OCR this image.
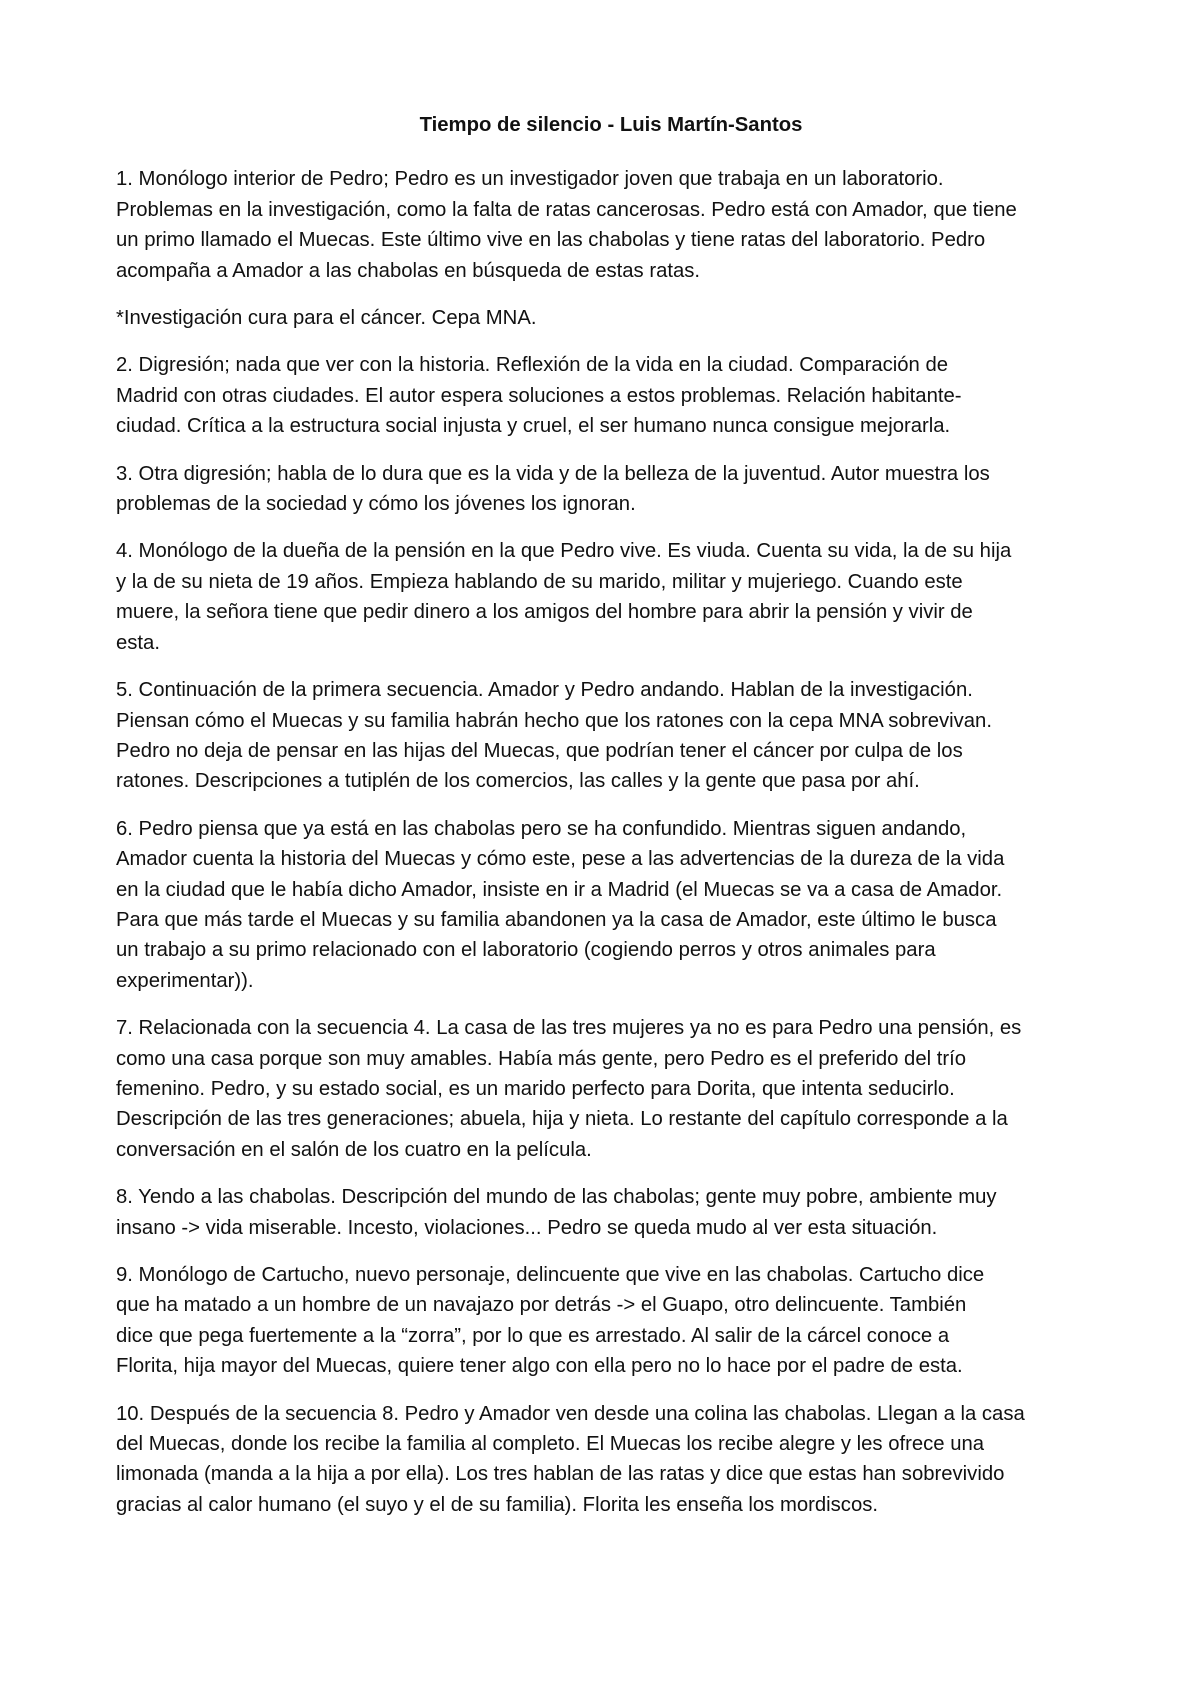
Tiempo de silencio - Luis Martín-Santos

1. Monólogo interior de Pedro; Pedro es un investigador joven que trabaja en un laboratorio.
Problemas en la investigación, como la falta de ratas cancerosas. Pedro está con Amador, que tiene
un primo llamado el Muecas. Este último vive en las chabolas y tiene ratas del laboratorio. Pedro
acompaña a Amador a las chabolas en búsqueda de estas ratas.

*Investigación cura para el cáncer. Cepa MNA.

2. Digresión; nada que ver con la historia. Reflexión de la vida en la ciudad. Comparación de
Madrid con otras ciudades. El autor espera soluciones a estos problemas. Relación habitante-
ciudad. Crítica a la estructura social injusta y cruel, el ser humano nunca consigue mejorarla.

3. Otra digresión; habla de lo dura que es la vida y de la belleza de la juventud. Autor muestra los
problemas de la sociedad y cómo los jóvenes los ignoran.

4. Monólogo de la dueña de la pensión en la que Pedro vive. Es viuda. Cuenta su vida, la de su hija
y la de su nieta de 19 años. Empieza hablando de su marido, militar y mujeriego. Cuando este
muere, la señora tiene que pedir dinero a los amigos del hombre para abrir la pensión y vivir de
esta.

5. Continuación de la primera secuencia. Amador y Pedro andando. Hablan de la investigación.
Piensan cómo el Muecas y su familia habrán hecho que los ratones con la cepa MNA sobrevivan.
Pedro no deja de pensar en las hijas del Muecas, que podrían tener el cáncer por culpa de los
ratones. Descripciones a tutiplén de los comercios, las calles y la gente que pasa por ahí.

6. Pedro piensa que ya está en las chabolas pero se ha confundido. Mientras siguen andando,
Amador cuenta la historia del Muecas y cómo este, pese a las advertencias de la dureza de la vida
en la ciudad que le había dicho Amador, insiste en ir a Madrid (el Muecas se va a casa de Amador.
Para que más tarde el Muecas y su familia abandonen ya la casa de Amador, este último le busca
un trabajo a su primo relacionado con el laboratorio (cogiendo perros y otros animales para
experimentar)).

7. Relacionada con la secuencia 4. La casa de las tres mujeres ya no es para Pedro una pensión, es
como una casa porque son muy amables. Había más gente, pero Pedro es el preferido del trío
femenino. Pedro, y su estado social, es un marido perfecto para Dorita, que intenta seducirlo.
Descripción de las tres generaciones; abuela, hija y nieta. Lo restante del capítulo corresponde a la
conversación en el salón de los cuatro en la película.

8. Yendo a las chabolas. Descripción del mundo de las chabolas; gente muy pobre, ambiente muy
insano -> vida miserable. Incesto, violaciones... Pedro se queda mudo al ver esta situación.

9. Monólogo de Cartucho, nuevo personaje, delincuente que vive en las chabolas. Cartucho dice
que ha matado a un hombre de un navajazo por detrás -> el Guapo, otro delincuente. También
dice que pega fuertemente a la “zorra”, por lo que es arrestado. Al salir de la cárcel conoce a
Florita, hija mayor del Muecas, quiere tener algo con ella pero no lo hace por el padre de esta.

10. Después de la secuencia 8. Pedro y Amador ven desde una colina las chabolas. Llegan a la casa
del Muecas, donde los recibe la familia al completo. El Muecas los recibe alegre y les ofrece una
limonada (manda a la hija a por ella). Los tres hablan de las ratas y dice que estas han sobrevivido
gracias al calor humano (el suyo y el de su familia). Florita les enseña los mordiscos.
